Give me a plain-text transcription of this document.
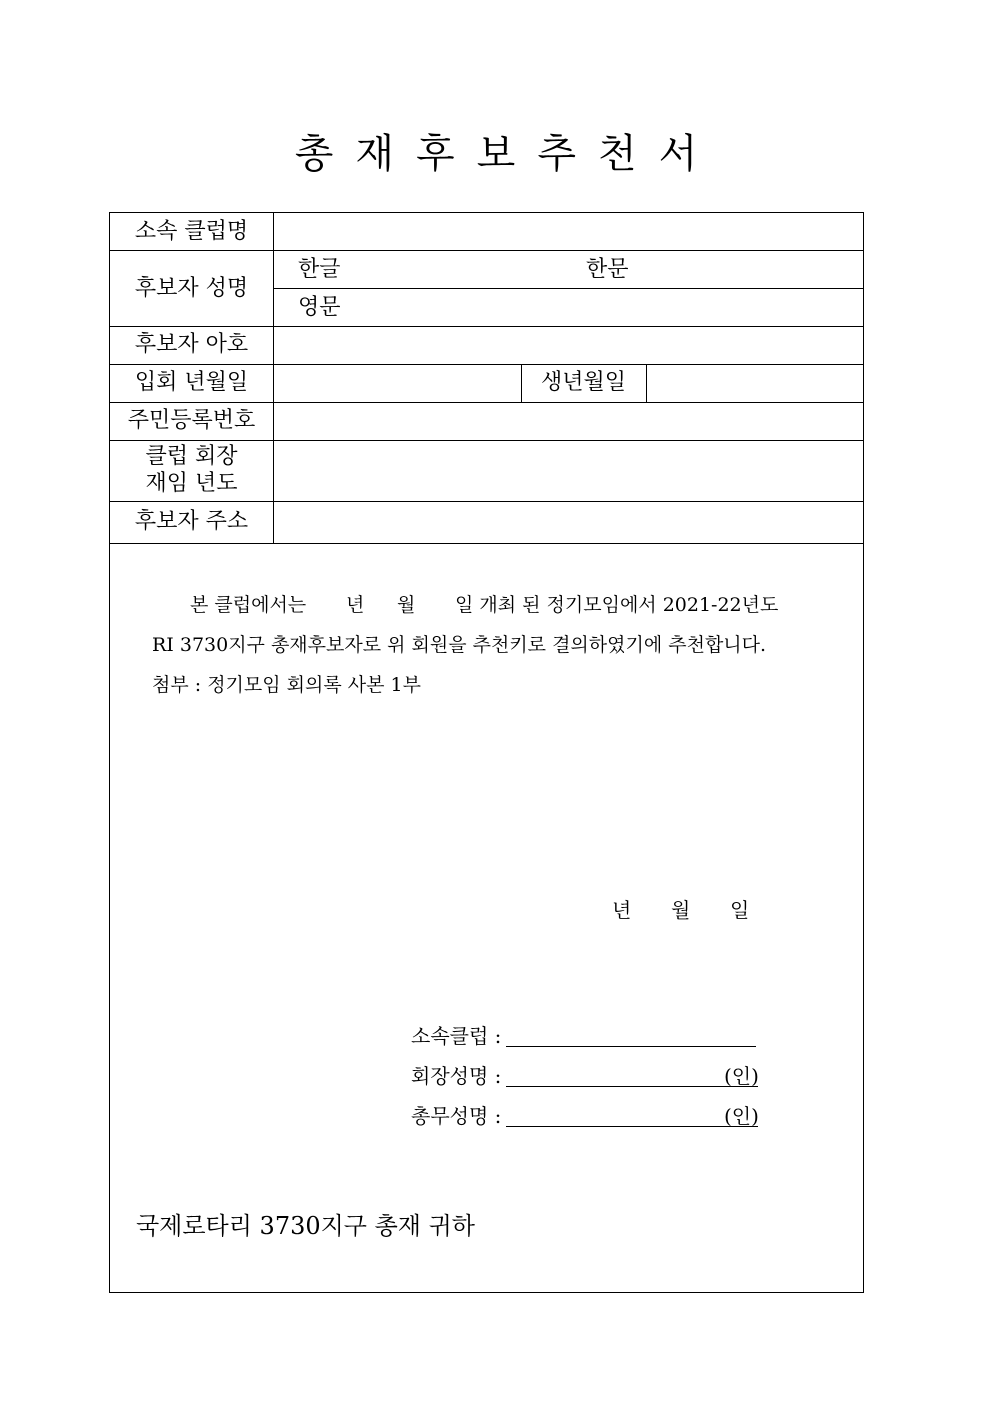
총 재 후 보 추 천 서
소속 클럽명
후보자 성명
한글	한문
영문
후보자 아호
입회 년월일	생년월일
주민등록번호
클럽 회장
재임 년도
후보자 주소
본 클럽에서는 년 월 일 개최 된 정기모임에서 2021-22년도
RI 3730지구 총재후보자로 위 회원을 추천키로 결의하였기에 추천합니다.
첨부 : 정기모임 회의록 사본 1부
년 월 일
소속클럽 :
회장성명 :	(인)
총무성명 :	(인)
국제로타리 3730지구 총재 귀하
